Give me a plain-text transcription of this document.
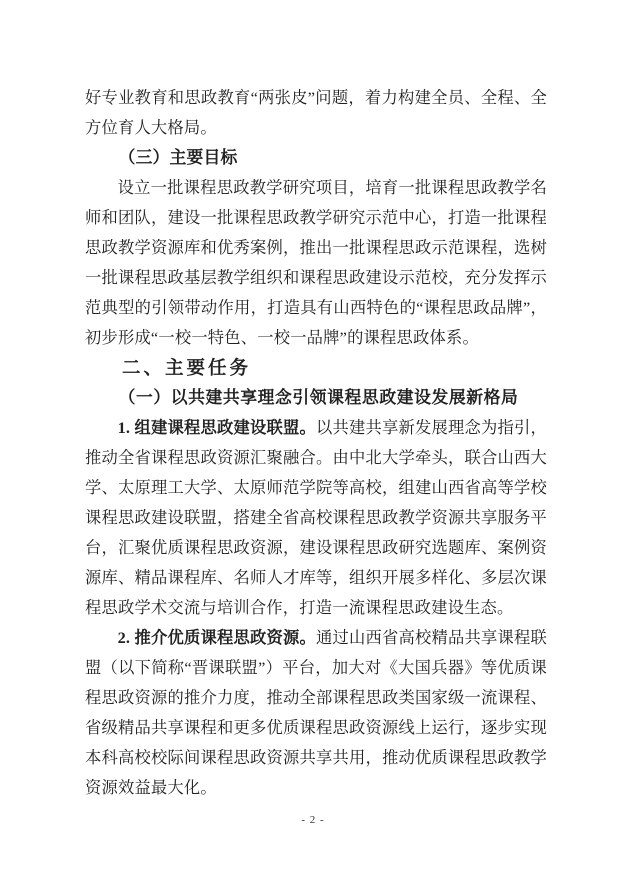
好专业教育和思政教育“两张皮”问题，着力构建全员、全程、全方位育人大格局。

（三）主要目标

设立一批课程思政教学研究项目，培育一批课程思政教学名师和团队，建设一批课程思政教学研究示范中心，打造一批课程思政教学资源库和优秀案例，推出一批课程思政示范课程，选树一批课程思政基层教学组织和课程思政建设示范校，充分发挥示范典型的引领带动作用，打造具有山西特色的“课程思政品牌”，初步形成“一校一特色、一校一品牌”的课程思政体系。

二、主要任务

（一）以共建共享理念引领课程思政建设发展新格局

1. 组建课程思政建设联盟。以共建共享新发展理念为指引，推动全省课程思政资源汇聚融合。由中北大学牵头，联合山西大学、太原理工大学、太原师范学院等高校，组建山西省高等学校课程思政建设联盟，搭建全省高校课程思政教学资源共享服务平台，汇聚优质课程思政资源，建设课程思政研究选题库、案例资源库、精品课程库、名师人才库等，组织开展多样化、多层次课程思政学术交流与培训合作，打造一流课程思政建设生态。

2. 推介优质课程思政资源。通过山西省高校精品共享课程联盟（以下简称“晋课联盟”）平台，加大对《大国兵器》等优质课程思政资源的推介力度，推动全部课程思政类国家级一流课程、省级精品共享课程和更多优质课程思政资源线上运行，逐步实现本科高校校际间课程思政资源共享共用，推动优质课程思政教学资源效益最大化。

- 2 -
